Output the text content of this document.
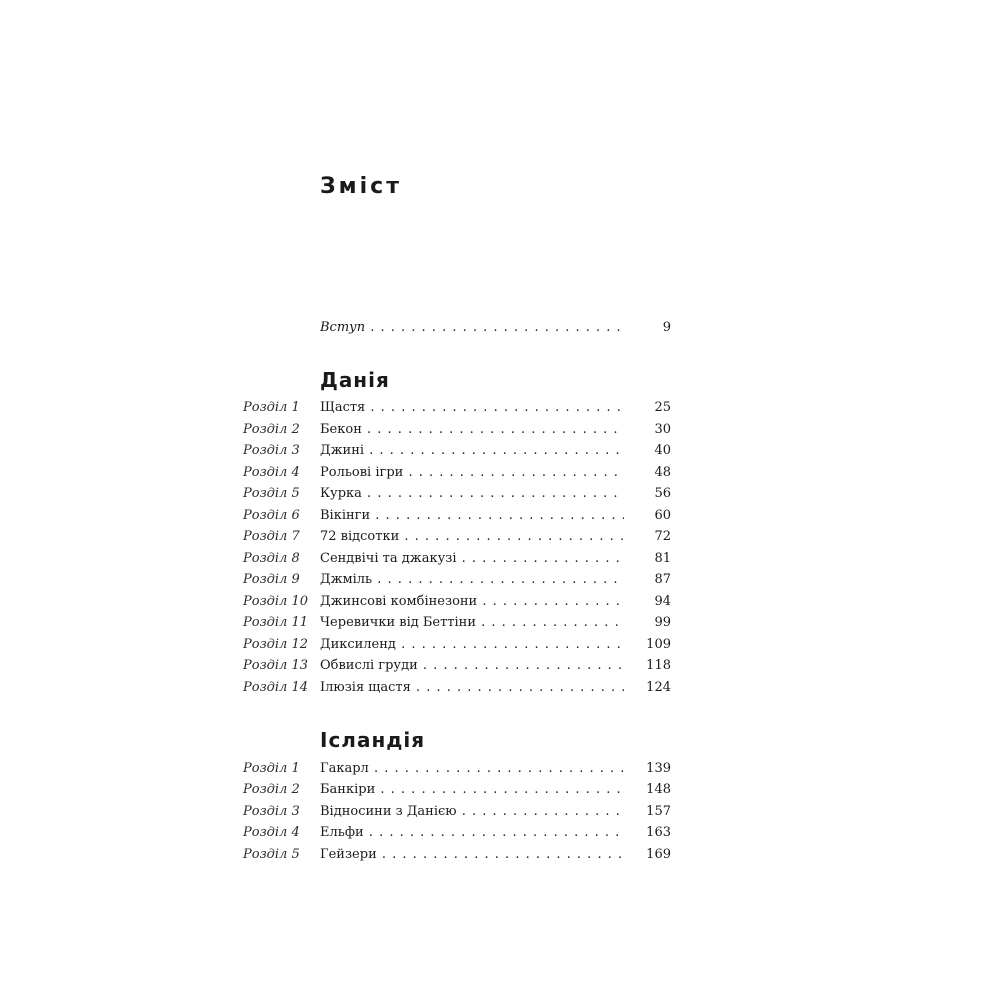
Зміст
Вступ . . .	9
Данія
Розділ 1 Щастя . . .	25
Розділ 2 Бекон . . .	30
Розділ 3 Джині . . .	40
Розділ 4 Рольові ігри . . .	48
Розділ 5 Курка . . .	56
Розділ 6 Вікінги . . .	60
Розділ 7 72 відсотки . . .	72
Розділ 8 Сендвічі та джакузі . . .	81
Розділ 9 Джміль . . .	87
Розділ 10 Джинсові комбінезони . . .	94
Розділ 11 Черевички від Беттіни . . .	99
Розділ 12 Диксиленд . . .	109
Розділ 13 Обвислі груди . . .	118
Розділ 14 Ілюзія щастя . . .	124
Ісландія
Розділ 1 Гакарл . . .	139
Розділ 2 Банкіри . . .	148
Розділ 3 Відносини з Данією . . .	157
Розділ 4 Ельфи . . .	163
Розділ 5 Гейзери . . .	169
